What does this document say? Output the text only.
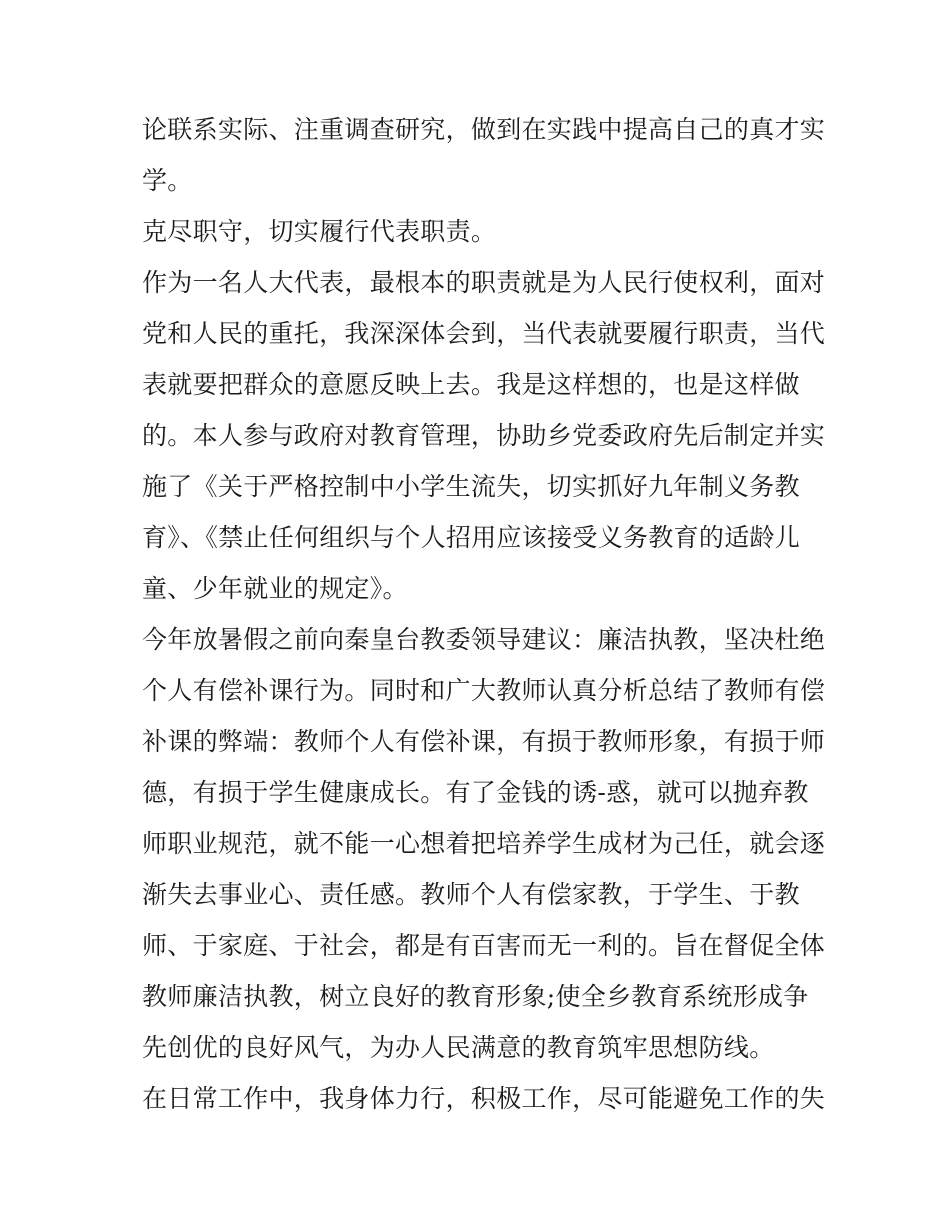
论联系实际、注重调查研究，做到在实践中提高自己的真才实
学。
克尽职守，切实履行代表职责。
作为一名人大代表，最根本的职责就是为人民行使权利，面对
党和人民的重托，我深深体会到，当代表就要履行职责，当代
表就要把群众的意愿反映上去。我是这样想的，也是这样做
的。本人参与政府对教育管理，协助乡党委政府先后制定并实
施了《关于严格控制中小学生流失，切实抓好九年制义务教
育》、《禁止任何组织与个人招用应该接受义务教育的适龄儿
童、少年就业的规定》。
今年放暑假之前向秦皇台教委领导建议：廉洁执教，坚决杜绝
个人有偿补课行为。同时和广大教师认真分析总结了教师有偿
补课的弊端：教师个人有偿补课，有损于教师形象，有损于师
德，有损于学生健康成长。有了金钱的诱-惑，就可以抛弃教
师职业规范，就不能一心想着把培养学生成材为己任，就会逐
渐失去事业心、责任感。教师个人有偿家教，于学生、于教
师、于家庭、于社会，都是有百害而无一利的。旨在督促全体
教师廉洁执教，树立良好的教育形象;使全乡教育系统形成争
先创优的良好风气，为办人民满意的教育筑牢思想防线。
在日常工作中，我身体力行，积极工作，尽可能避免工作的失
